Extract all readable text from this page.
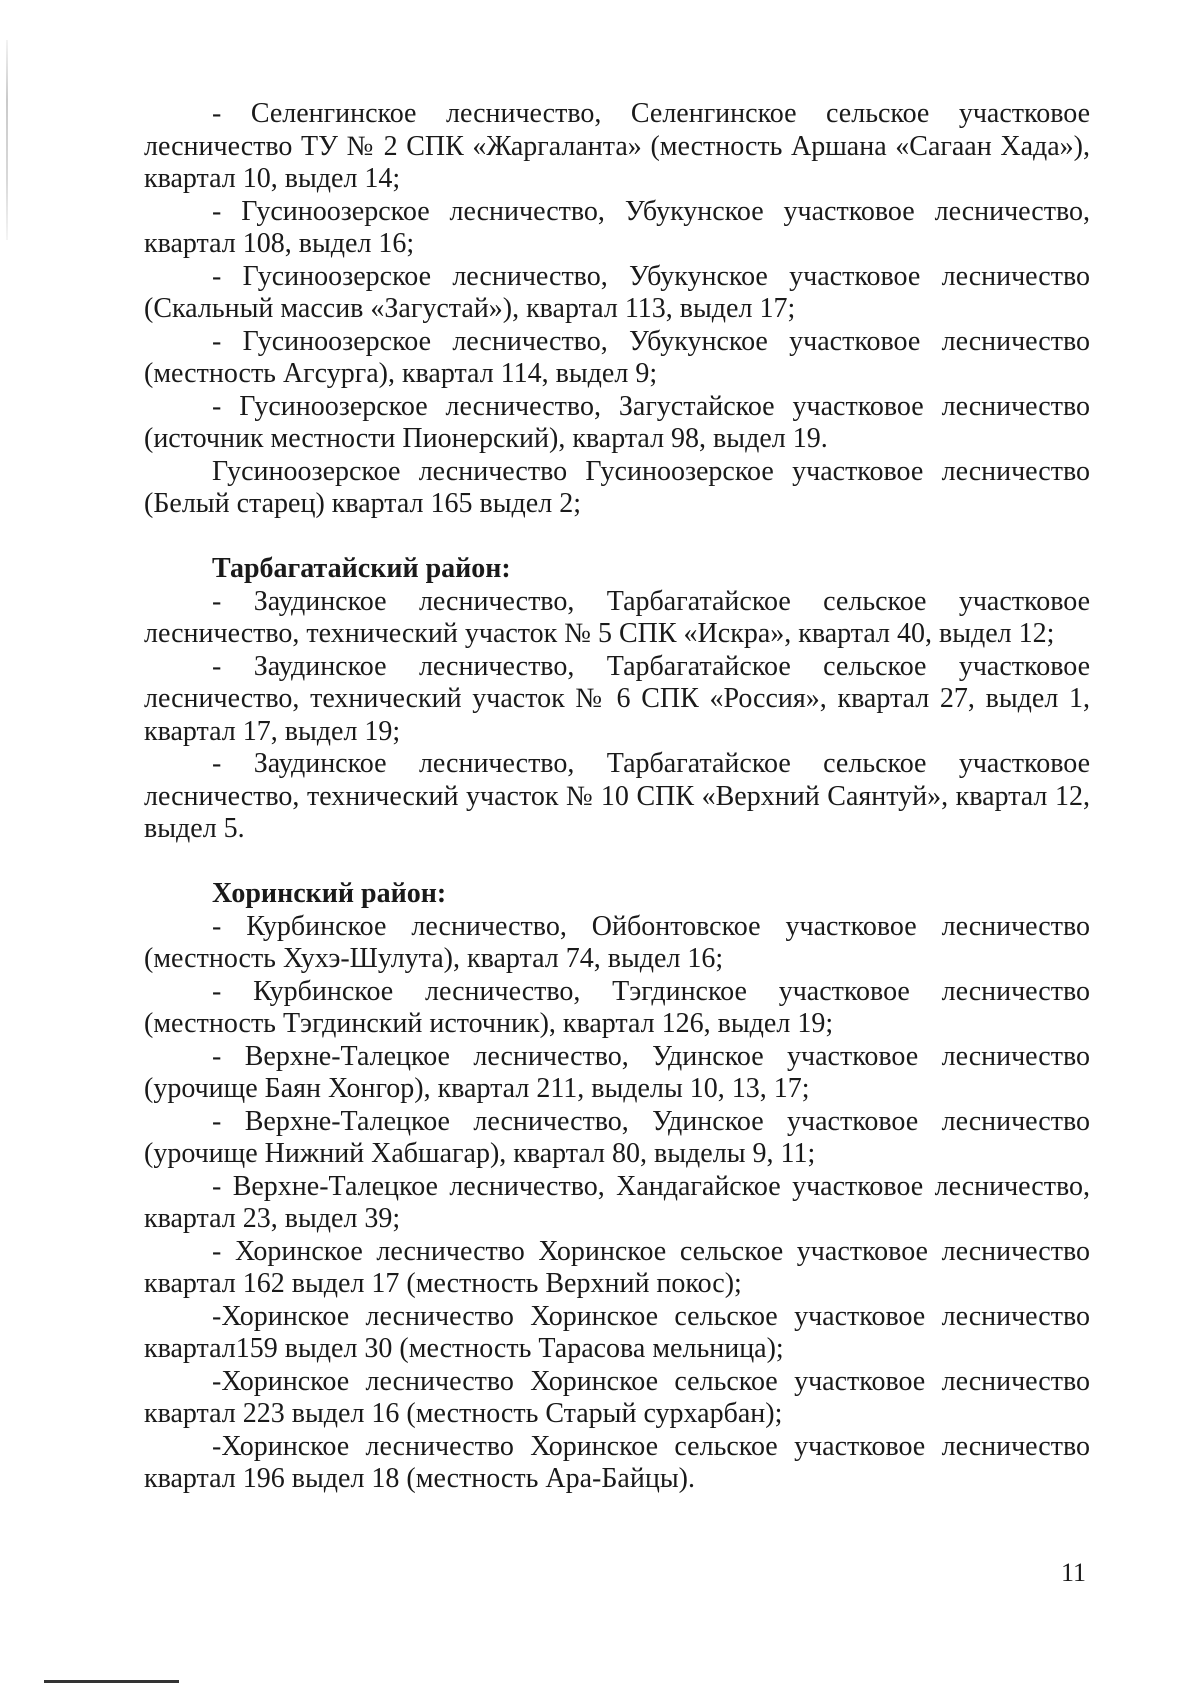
- Селенгинское лесничество, Селенгинское сельское участковое лесничество ТУ № 2 СПК «Жаргаланта» (местность Аршана «Сагаан Хада»), квартал 10, выдел 14;

- Гусиноозерское лесничество, Убукунское участковое лесничество, квартал 108, выдел 16;

- Гусиноозерское лесничество, Убукунское участковое лесничество (Скальный массив «Загустай»), квартал 113, выдел 17;

- Гусиноозерское лесничество, Убукунское участковое лесничество (местность Агсурга), квартал 114, выдел 9;

- Гусиноозерское лесничество, Загустайское участковое лесничество (источник местности Пионерский), квартал 98, выдел 19.

Гусиноозерское лесничество Гусиноозерское участковое лесничество (Белый старец) квартал 165 выдел 2;

Тарбагатайский район:

- Заудинское лесничество, Тарбагатайское сельское участковое лесничество, технический участок № 5 СПК «Искра», квартал 40, выдел 12;

- Заудинское лесничество, Тарбагатайское сельское участковое лесничество, технический участок № 6 СПК «Россия», квартал 27, выдел 1, квартал 17, выдел 19;

- Заудинское лесничество, Тарбагатайское сельское участковое лесничество, технический участок № 10 СПК «Верхний Саянтуй», квартал 12, выдел 5.

Хоринский район:

- Курбинское лесничество, Ойбонтовское участковое лесничество (местность Хухэ-Шулута), квартал 74, выдел 16;

- Курбинское лесничество, Тэгдинское участковое лесничество (местность Тэгдинский источник), квартал 126, выдел 19;

- Верхне-Талецкое лесничество, Удинское участковое лесничество (урочище Баян Хонгор), квартал 211, выделы 10, 13, 17;

- Верхне-Талецкое лесничество, Удинское участковое лесничество (урочище Нижний Хабшагар), квартал 80, выделы 9, 11;

- Верхне-Талецкое лесничество, Хандагайское участковое лесничество, квартал 23, выдел 39;

- Хоринское лесничество Хоринское сельское участковое лесничество квартал 162 выдел 17 (местность Верхний покос);

-Хоринское лесничество Хоринское сельское участковое лесничество квартал159 выдел 30 (местность Тарасова мельница);

-Хоринское лесничество Хоринское сельское участковое лесничество квартал 223 выдел 16 (местность Старый сурхарбан);

-Хоринское лесничество Хоринское сельское участковое лесничество квартал 196 выдел 18 (местность Ара-Байцы).

11
